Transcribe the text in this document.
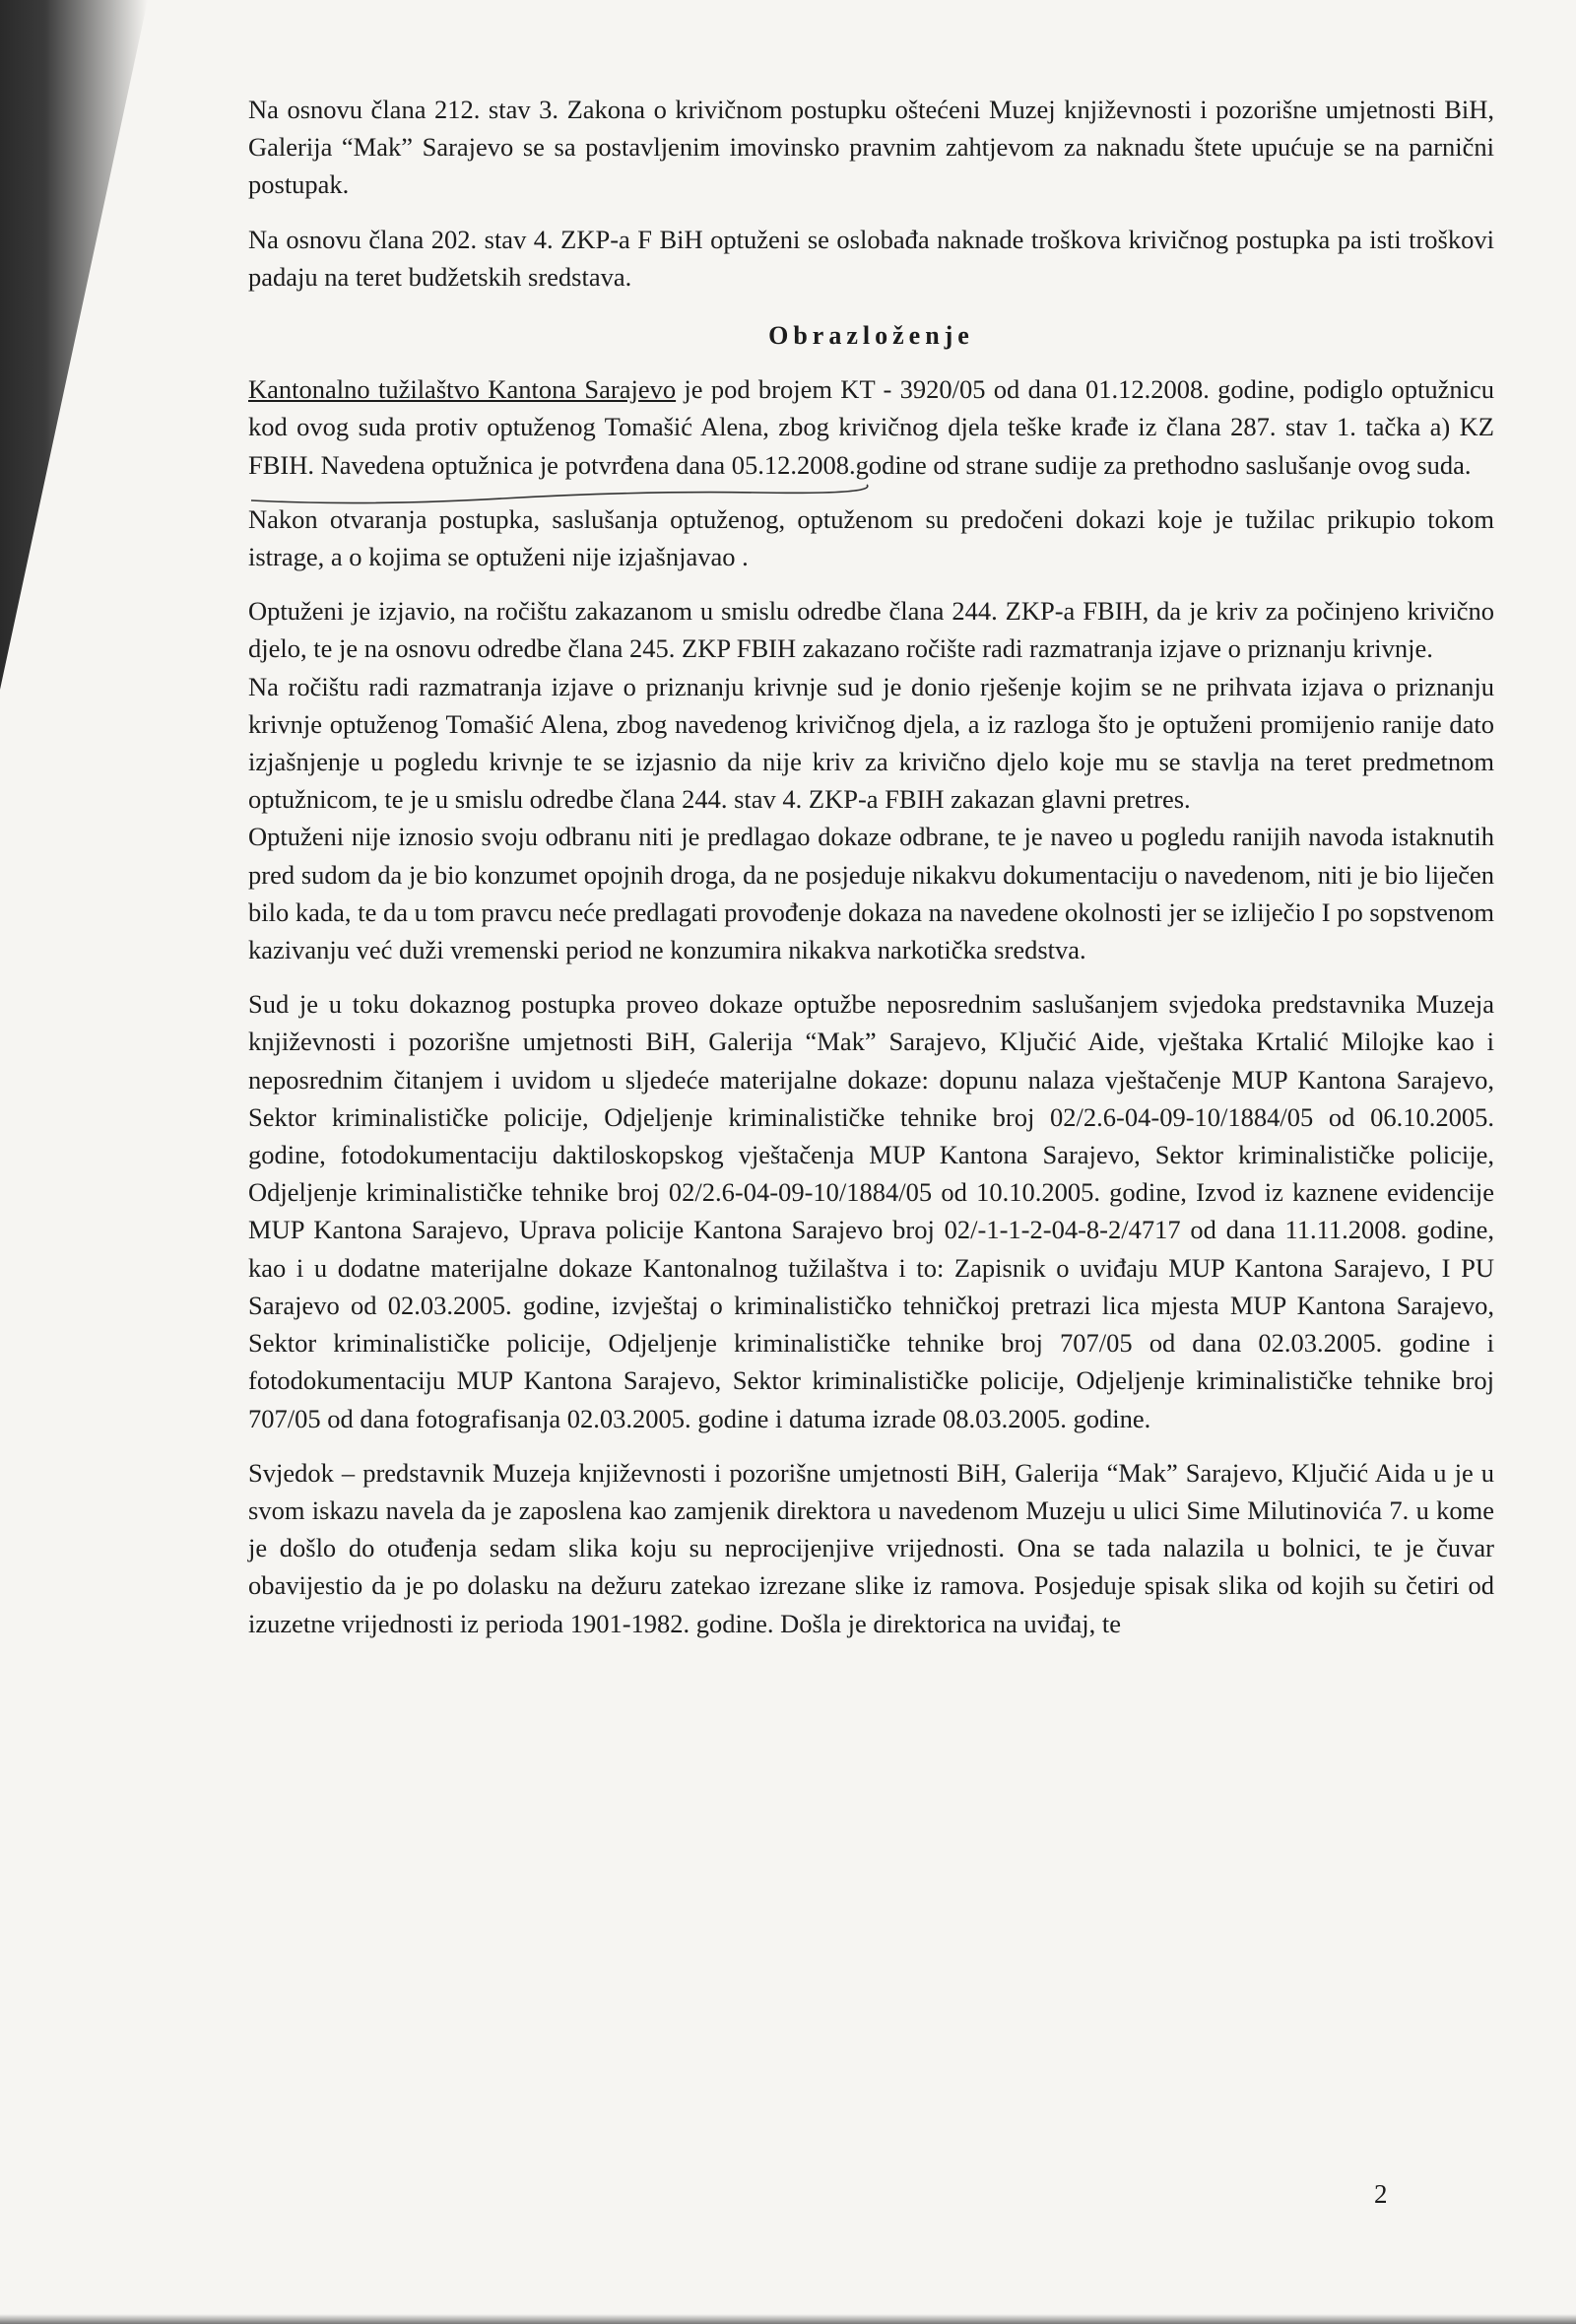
Na osnovu člana 212. stav 3. Zakona o krivičnom postupku oštećeni Muzej književnosti i pozorišne umjetnosti BiH, Galerija “Mak” Sarajevo se sa postavljenim imovinsko pravnim zahtjevom za naknadu štete upućuje se na parnični postupak.

Na osnovu člana 202. stav 4. ZKP-a F BiH optuženi se oslobađa naknade troškova krivičnog postupka pa isti troškovi padaju na teret budžetskih sredstava.

Obrazloženje

Kantonalno tužilaštvo Kantona Sarajevo je pod brojem KT - 3920/05 od dana 01.12.2008. godine, podiglo optužnicu kod ovog suda protiv optuženog Tomašić Alena, zbog krivičnog djela teške krađe iz člana 287. stav 1. tačka a) KZ FBIH. Navedena optužnica je potvrđena dana 05.12.2008.godine od strane sudije za prethodno saslušanje ovog suda.

Nakon otvaranja postupka, saslušanja optuženog, optuženom su predočeni dokazi koje je tužilac prikupio tokom istrage, a o kojima se optuženi nije izjašnjavao .

Optuženi je izjavio, na ročištu zakazanom u smislu odredbe člana 244. ZKP-a FBIH, da je kriv za počinjeno krivično djelo, te je na osnovu odredbe člana 245. ZKP FBIH zakazano ročište radi razmatranja izjave o priznanju krivnje.

Na ročištu radi razmatranja izjave o priznanju krivnje sud je donio rješenje kojim se ne prihvata izjava o priznanju krivnje optuženog Tomašić Alena, zbog navedenog krivičnog djela, a iz razloga što je optuženi promijenio ranije dato izjašnjenje u pogledu krivnje te se izjasnio da nije kriv za krivično djelo koje mu se stavlja na teret predmetnom optužnicom, te je u smislu odredbe člana 244. stav 4. ZKP-a FBIH zakazan glavni pretres.

Optuženi nije iznosio svoju odbranu niti je predlagao dokaze odbrane, te je naveo u pogledu ranijih navoda istaknutih pred sudom da je bio konzumet opojnih droga, da ne posjeduje nikakvu dokumentaciju o navedenom, niti je bio liječen bilo kada, te da u tom pravcu neće predlagati provođenje dokaza na navedene okolnosti jer se izliječio I po sopstvenom kazivanju već duži vremenski period ne konzumira nikakva narkotička sredstva.

Sud je u toku dokaznog postupka proveo dokaze optužbe neposrednim saslušanjem svjedoka predstavnika Muzeja književnosti i pozorišne umjetnosti BiH, Galerija “Mak” Sarajevo, Ključić Aide, vještaka Krtalić Milojke kao i neposrednim čitanjem i uvidom u sljedeće materijalne dokaze: dopunu nalaza vještačenje MUP Kantona Sarajevo, Sektor kriminalističke policije, Odjeljenje kriminalističke tehnike broj 02/2.6-04-09-10/1884/05 od 06.10.2005. godine, fotodokumentaciju daktiloskopskog vještačenja MUP Kantona Sarajevo, Sektor kriminalističke policije, Odjeljenje kriminalističke tehnike broj 02/2.6-04-09-10/1884/05 od 10.10.2005. godine, Izvod iz kaznene evidencije MUP Kantona Sarajevo, Uprava policije Kantona Sarajevo broj 02/-1-1-2-04-8-2/4717 od dana 11.11.2008. godine, kao i u dodatne materijalne dokaze Kantonalnog tužilaštva i to: Zapisnik o uviđaju MUP Kantona Sarajevo, I PU Sarajevo od 02.03.2005. godine, izvještaj o kriminalističko tehničkoj pretrazi lica mjesta MUP Kantona Sarajevo, Sektor kriminalističke policije, Odjeljenje kriminalističke tehnike broj 707/05 od dana 02.03.2005. godine i fotodokumentaciju MUP Kantona Sarajevo, Sektor kriminalističke policije, Odjeljenje kriminalističke tehnike broj 707/05 od dana fotografisanja 02.03.2005. godine i datuma izrade 08.03.2005. godine.

Svjedok – predstavnik Muzeja književnosti i pozorišne umjetnosti BiH, Galerija “Mak” Sarajevo, Ključić Aida u je u svom iskazu navela da je zaposlena kao zamjenik direktora u navedenom Muzeju u ulici Sime Milutinovića 7. u kome je došlo do otuđenja sedam slika koju su neprocijenjive vrijednosti. Ona se tada nalazila u bolnici, te je čuvar obavijestio da je po dolasku na dežuru zatekao izrezane slike iz ramova. Posjeduje spisak slika od kojih su četiri od izuzetne vrijednosti iz perioda 1901-1982. godine. Došla je direktorica na uviđaj, te

2
